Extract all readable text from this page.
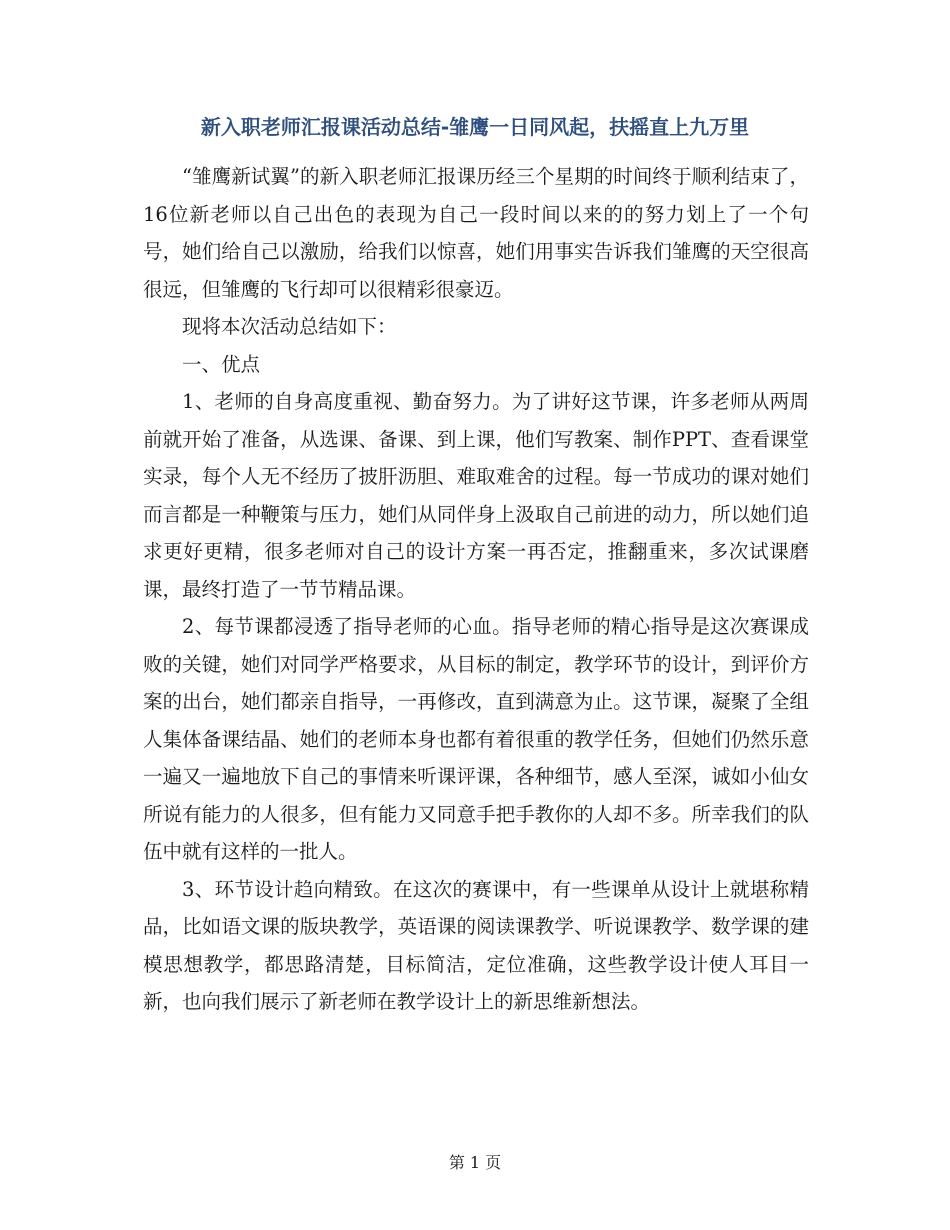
新入职老师汇报课活动总结-雏鹰一日同风起，扶摇直上九万里

“雏鹰新试翼”的新入职老师汇报课历经三个星期的时间终于顺利结束了，16位新老师以自己出色的表现为自己一段时间以来的的努力划上了一个句号，她们给自己以激励，给我们以惊喜，她们用事实告诉我们雏鹰的天空很高很远，但雏鹰的飞行却可以很精彩很豪迈。

现将本次活动总结如下：

一、优点

1、老师的自身高度重视、勤奋努力。为了讲好这节课，许多老师从两周前就开始了准备，从选课、备课、到上课，他们写教案、制作PPT、查看课堂实录，每个人无不经历了披肝沥胆、难取难舍的过程。每一节成功的课对她们而言都是一种鞭策与压力，她们从同伴身上汲取自己前进的动力，所以她们追求更好更精，很多老师对自己的设计方案一再否定，推翻重来，多次试课磨课，最终打造了一节节精品课。

2、每节课都浸透了指导老师的心血。指导老师的精心指导是这次赛课成败的关键，她们对同学严格要求，从目标的制定，教学环节的设计，到评价方案的出台，她们都亲自指导，一再修改，直到满意为止。这节课，凝聚了全组人集体备课结晶、她们的老师本身也都有着很重的教学任务，但她们仍然乐意一遍又一遍地放下自己的事情来听课评课，各种细节，感人至深，诚如小仙女所说有能力的人很多，但有能力又同意手把手教你的人却不多。所幸我们的队伍中就有这样的一批人。

3、环节设计趋向精致。在这次的赛课中，有一些课单从设计上就堪称精品，比如语文课的版块教学，英语课的阅读课教学、听说课教学、数学课的建模思想教学，都思路清楚，目标简洁，定位准确，这些教学设计使人耳目一新，也向我们展示了新老师在教学设计上的新思维新想法。

第 1 页
